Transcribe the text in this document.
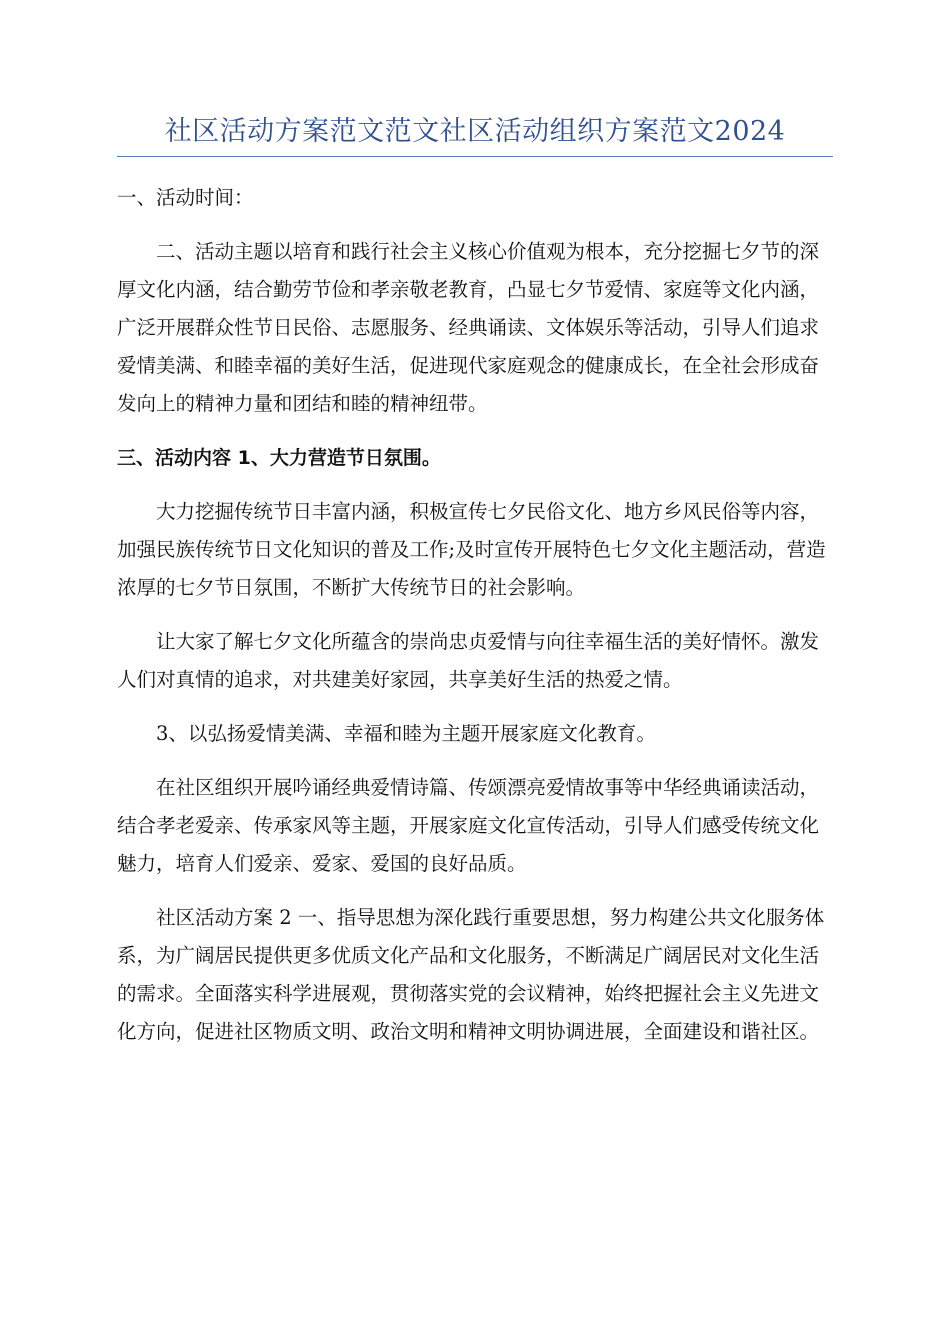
社区活动方案范文范文社区活动组织方案范文2024

一、活动时间：

二、活动主题以培育和践行社会主义核心价值观为根本，充分挖掘七夕节的深厚文化内涵，结合勤劳节俭和孝亲敬老教育，凸显七夕节爱情、家庭等文化内涵，广泛开展群众性节日民俗、志愿服务、经典诵读、文体娱乐等活动，引导人们追求爱情美满、和睦幸福的美好生活，促进现代家庭观念的健康成长，在全社会形成奋发向上的精神力量和团结和睦的精神纽带。

三、活动内容 1、大力营造节日氛围。

大力挖掘传统节日丰富内涵，积极宣传七夕民俗文化、地方乡风民俗等内容，加强民族传统节日文化知识的普及工作;及时宣传开展特色七夕文化主题活动，营造浓厚的七夕节日氛围，不断扩大传统节日的社会影响。

让大家了解七夕文化所蕴含的崇尚忠贞爱情与向往幸福生活的美好情怀。激发人们对真情的追求，对共建美好家园，共享美好生活的热爱之情。

3、以弘扬爱情美满、幸福和睦为主题开展家庭文化教育。

在社区组织开展吟诵经典爱情诗篇、传颂漂亮爱情故事等中华经典诵读活动，结合孝老爱亲、传承家风等主题，开展家庭文化宣传活动，引导人们感受传统文化魅力，培育人们爱亲、爱家、爱国的良好品质。

社区活动方案 2 一、指导思想为深化践行重要思想，努力构建公共文化服务体系，为广阔居民提供更多优质文化产品和文化服务，不断满足广阔居民对文化生活的需求。全面落实科学进展观，贯彻落实党的会议精神，始终把握社会主义先进文化方向，促进社区物质文明、政治文明和精神文明协调进展，全面建设和谐社区。
